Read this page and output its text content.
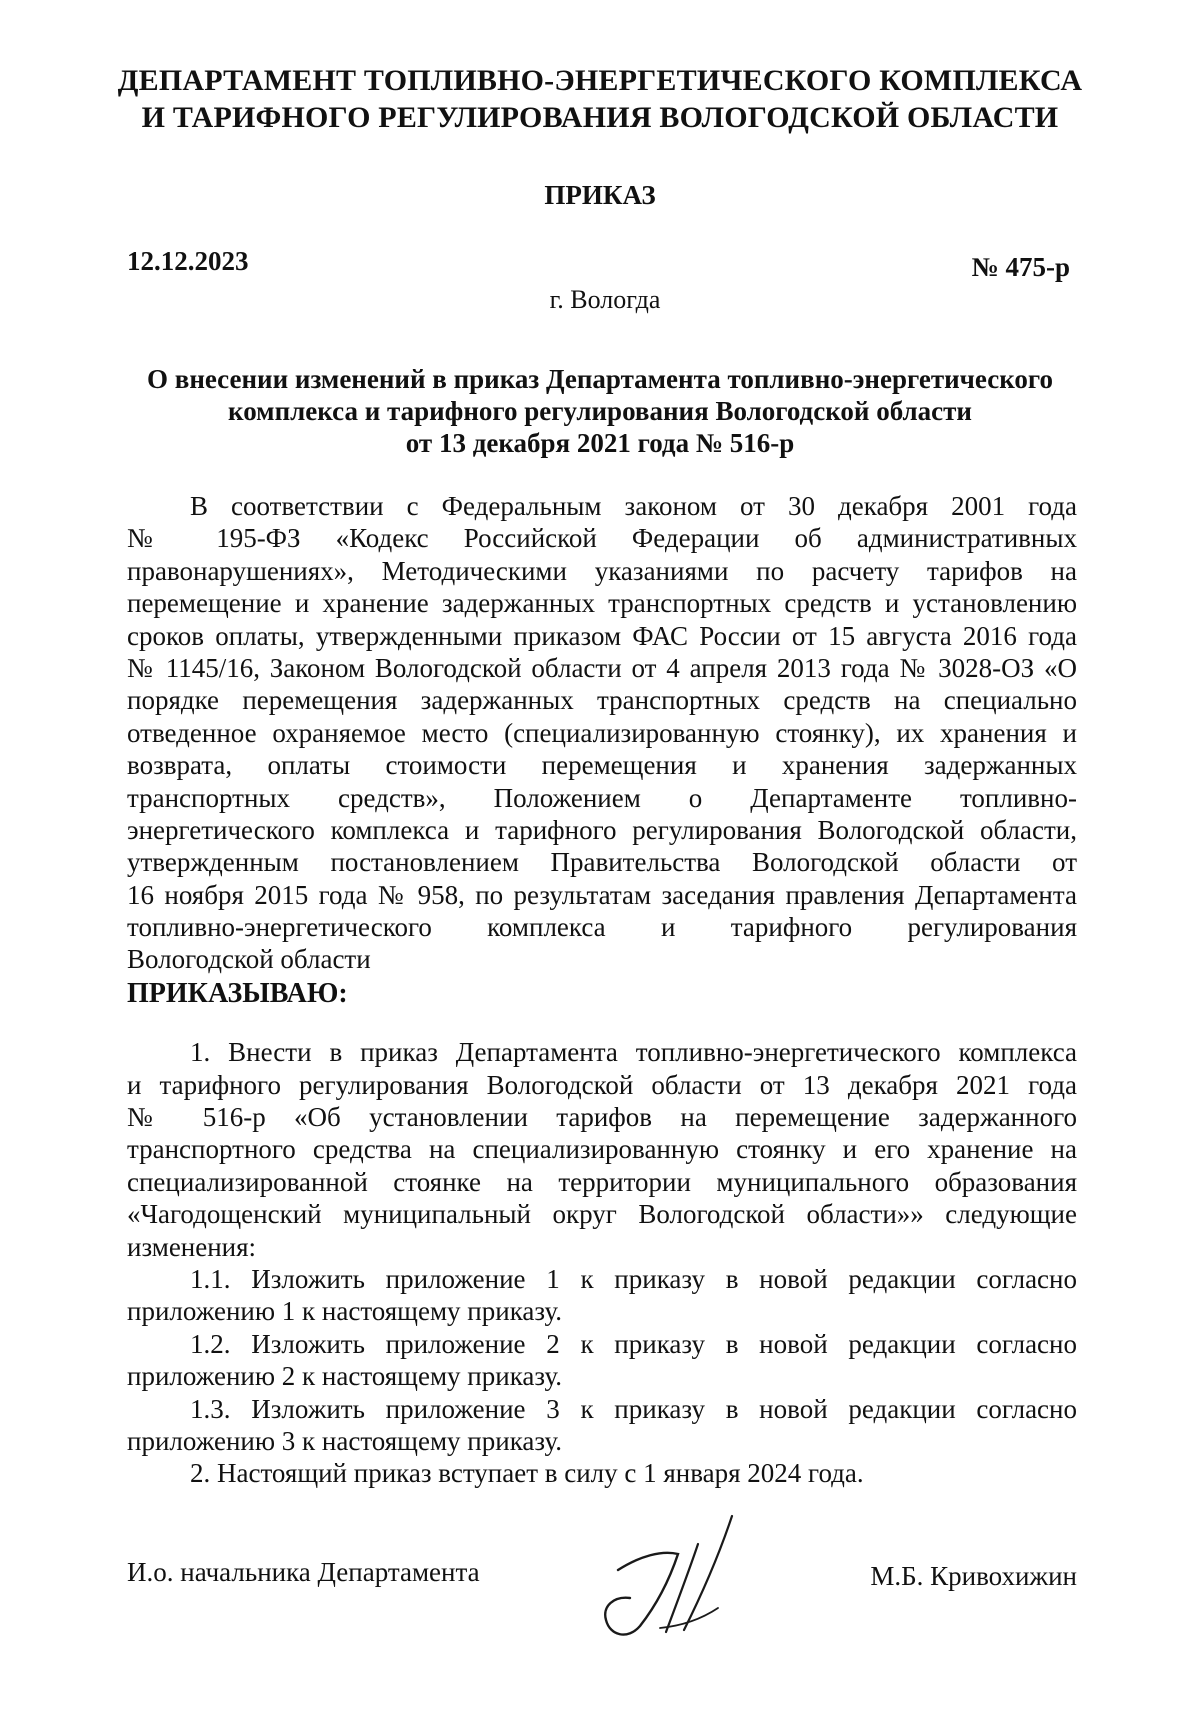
ДЕПАРТАМЕНТ ТОПЛИВНО-ЭНЕРГЕТИЧЕСКОГО КОМПЛЕКСА
И ТАРИФНОГО РЕГУЛИРОВАНИЯ ВОЛОГОДСКОЙ ОБЛАСТИ
ПРИКАЗ
12.12.2023	№ 475-р
г. Вологда
О внесении изменений в приказ Департамента топливно-энергетического
комплекса и тарифного регулирования Вологодской области
от 13 декабря 2021 года № 516-р
В соответствии с Федеральным законом от 30 декабря 2001 года
№ 195-ФЗ «Кодекс Российской Федерации об административных
правонарушениях», Методическими указаниями по расчету тарифов на
перемещение и хранение задержанных транспортных средств и установлению
сроков оплаты, утвержденными приказом ФАС России от 15 августа 2016 года
№ 1145/16, Законом Вологодской области от 4 апреля 2013 года № 3028-ОЗ «О
порядке перемещения задержанных транспортных средств на специально
отведенное охраняемое место (специализированную стоянку), их хранения и
возврата, оплаты стоимости перемещения и хранения задержанных
транспортных средств», Положением о Департаменте топливно-
энергетического комплекса и тарифного регулирования Вологодской области,
утвержденным постановлением Правительства Вологодской области от
16 ноября 2015 года № 958, по результатам заседания правления Департамента
топливно-энергетического комплекса и тарифного регулирования
Вологодской области
ПРИКАЗЫВАЮ:
1. Внести в приказ Департамента топливно-энергетического комплекса
и тарифного регулирования Вологодской области от 13 декабря 2021 года
№ 516-р «Об установлении тарифов на перемещение задержанного
транспортного средства на специализированную стоянку и его хранение на
специализированной стоянке на территории муниципального образования
«Чагодощенский муниципальный округ Вологодской области»» следующие
изменения:
1.1. Изложить приложение 1 к приказу в новой редакции согласно
приложению 1 к настоящему приказу.
1.2. Изложить приложение 2 к приказу в новой редакции согласно
приложению 2 к настоящему приказу.
1.3. Изложить приложение 3 к приказу в новой редакции согласно
приложению 3 к настоящему приказу.
2. Настоящий приказ вступает в силу с 1 января 2024 года.
И.о. начальника Департамента	М.Б. Кривохижин
